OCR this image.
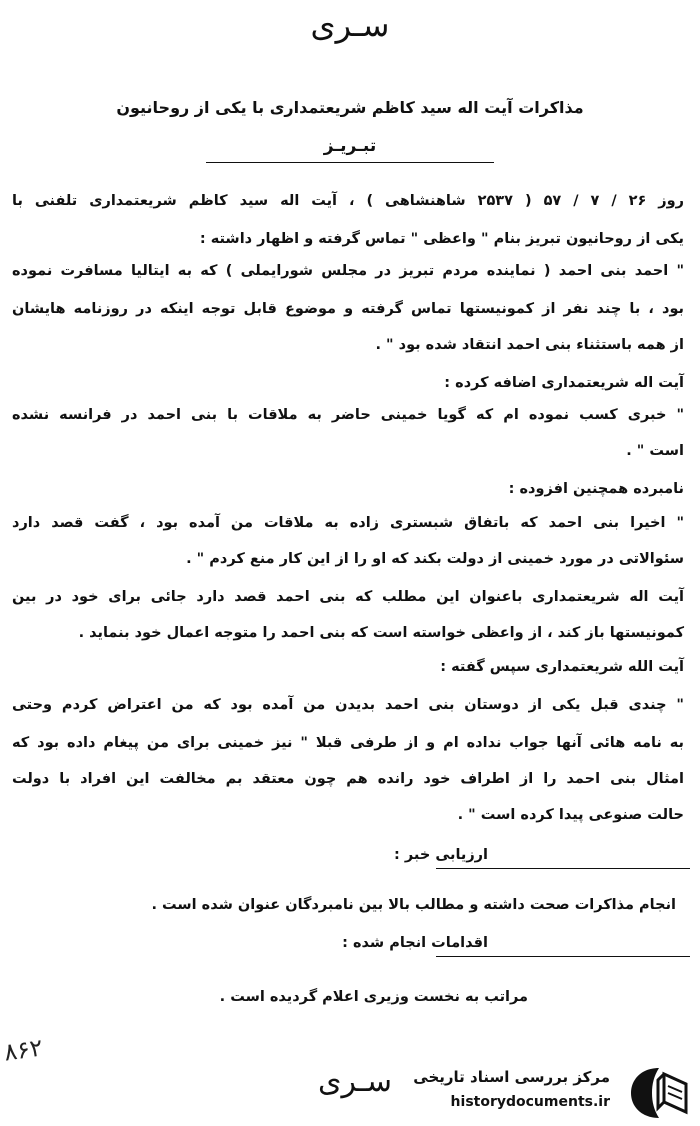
سـری
مذاکرات آیت اله سید کاظم شریعتمداری با یکی از روحانیون
تبـریـز
روز ۲۶ / ۷ / ۵۷ ( ۲۵۳۷ شاهنشاهی ) ، آیت اله سید کاظم شریعتمداری تلفنی با
یکی از روحانیون تبریز بنام " واعظی " تماس گرفته و اظهار داشته :
" احمد بنی احمد ( نماینده مردم تبریز در مجلس شورایملی ) که به ایتالیا مسافرت نموده
بود ، با چند نفر از کمونیستها تماس گرفته و موضوع قابل توجه اینکه در روزنامه هایشان
از همه باستثناء بنی احمد انتقاد شده بود " .
آیت اله شریعتمداری اضافه کرده :
" خبری کسب نموده ام که گویا خمینی حاضر به ملاقات با بنی احمد در فرانسه نشده
است " .
نامبرده همچنین افزوده :
" اخیرا بنی احمد که باتفاق شبستری زاده به ملاقات من آمده بود ، گفت قصد دارد
سئوالاتی در مورد خمینی از دولت بکند که او را از این کار منع کردم " .
آیت اله شریعتمداری باعنوان این مطلب که بنی احمد قصد دارد جائی برای خود در بین
کمونیستها باز کند ، از واعظی خواسته است که بنی احمد را متوجه اعمال خود بنماید .
آیت الله شریعتمداری سپس گفته :
" چندی قبل یکی از دوستان بنی احمد بدیدن من آمده بود که من اعتراض کردم وحتی
به نامه هائی آنها جواب نداده ام و از طرفی قبلا " نیز خمینی برای من پیغام داده بود که
امثال بنی احمد را از اطراف خود رانده هم چون معتقد بم مخالفت این افراد با دولت
حالت صنوعی پیدا کرده است " .
ارزیابی خبر :
انجام مذاکرات صحت داشته و مطالب بالا بین نامبردگان عنوان شده است .
اقدامات انجام شده :
مراتب به نخست وزیری اعلام گردیده است .
۸۶۲
سـری مرکز بررسی اسناد تاریخی
historydocuments.ir
